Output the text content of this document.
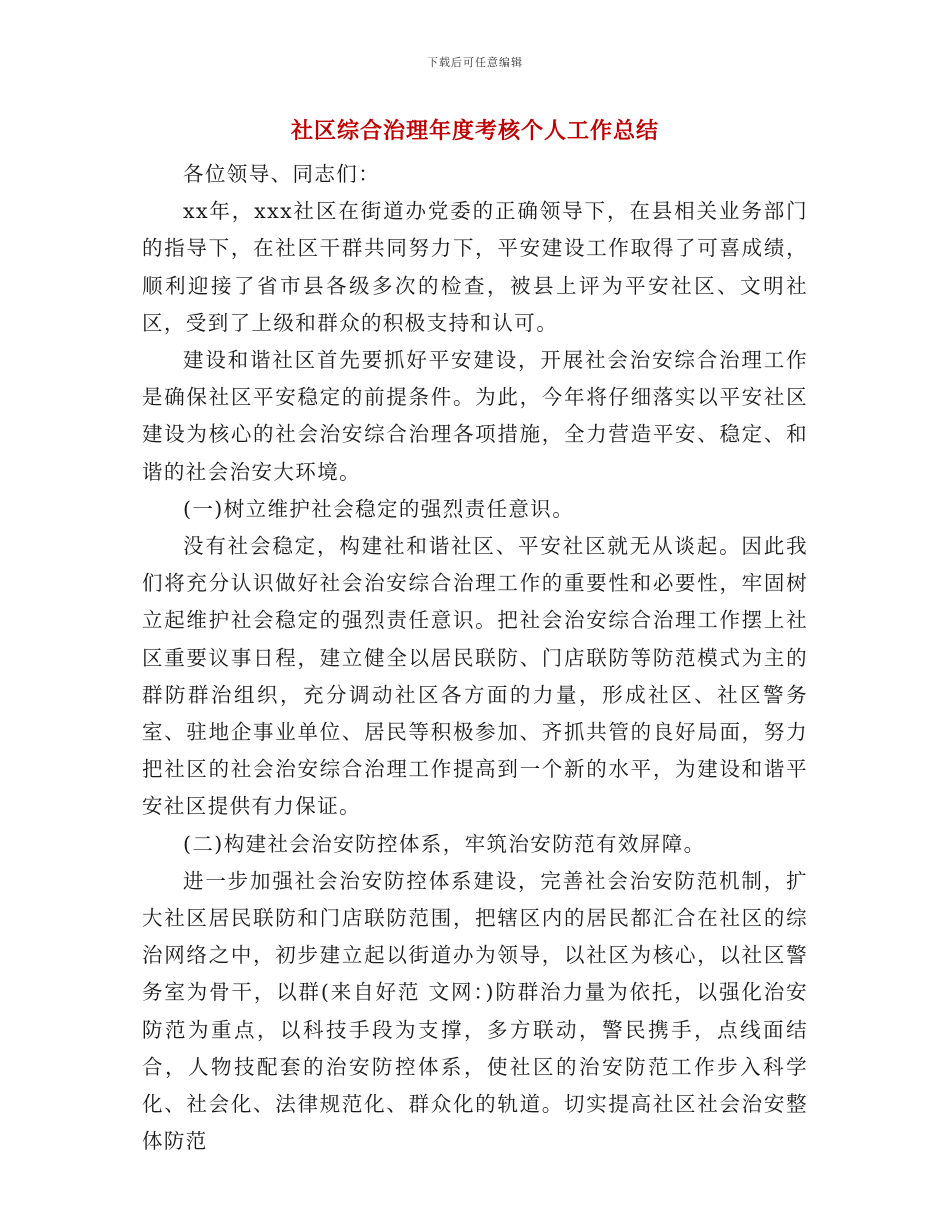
下载后可任意编辑
社区综合治理年度考核个人工作总结

各位领导、同志们：

xx年，xxx社区在街道办党委的正确领导下，在县相关业务部门的指导下，在社区干群共同努力下，平安建设工作取得了可喜成绩，顺利迎接了省市县各级多次的检查，被县上评为平安社区、文明社区，受到了上级和群众的积极支持和认可。

建设和谐社区首先要抓好平安建设，开展社会治安综合治理工作是确保社区平安稳定的前提条件。为此，今年将仔细落实以平安社区建设为核心的社会治安综合治理各项措施，全力营造平安、稳定、和谐的社会治安大环境。

(一)树立维护社会稳定的强烈责任意识。

没有社会稳定，构建社和谐社区、平安社区就无从谈起。因此我们将充分认识做好社会治安综合治理工作的重要性和必要性，牢固树立起维护社会稳定的强烈责任意识。把社会治安综合治理工作摆上社区重要议事日程，建立健全以居民联防、门店联防等防范模式为主的群防群治组织，充分调动社区各方面的力量，形成社区、社区警务室、驻地企事业单位、居民等积极参加、齐抓共管的良好局面，努力把社区的社会治安综合治理工作提高到一个新的水平，为建设和谐平安社区提供有力保证。

(二)构建社会治安防控体系，牢筑治安防范有效屏障。

进一步加强社会治安防控体系建设，完善社会治安防范机制，扩大社区居民联防和门店联防范围，把辖区内的居民都汇合在社区的综治网络之中，初步建立起以街道办为领导，以社区为核心，以社区警务室为骨干，以群(来自好范 文网：)防群治力量为依托，以强化治安防范为重点，以科技手段为支撑，多方联动，警民携手，点线面结合，人物技配套的治安防控体系，使社区的治安防范工作步入科学化、社会化、法律规范化、群众化的轨道。切实提高社区社会治安整体防范
